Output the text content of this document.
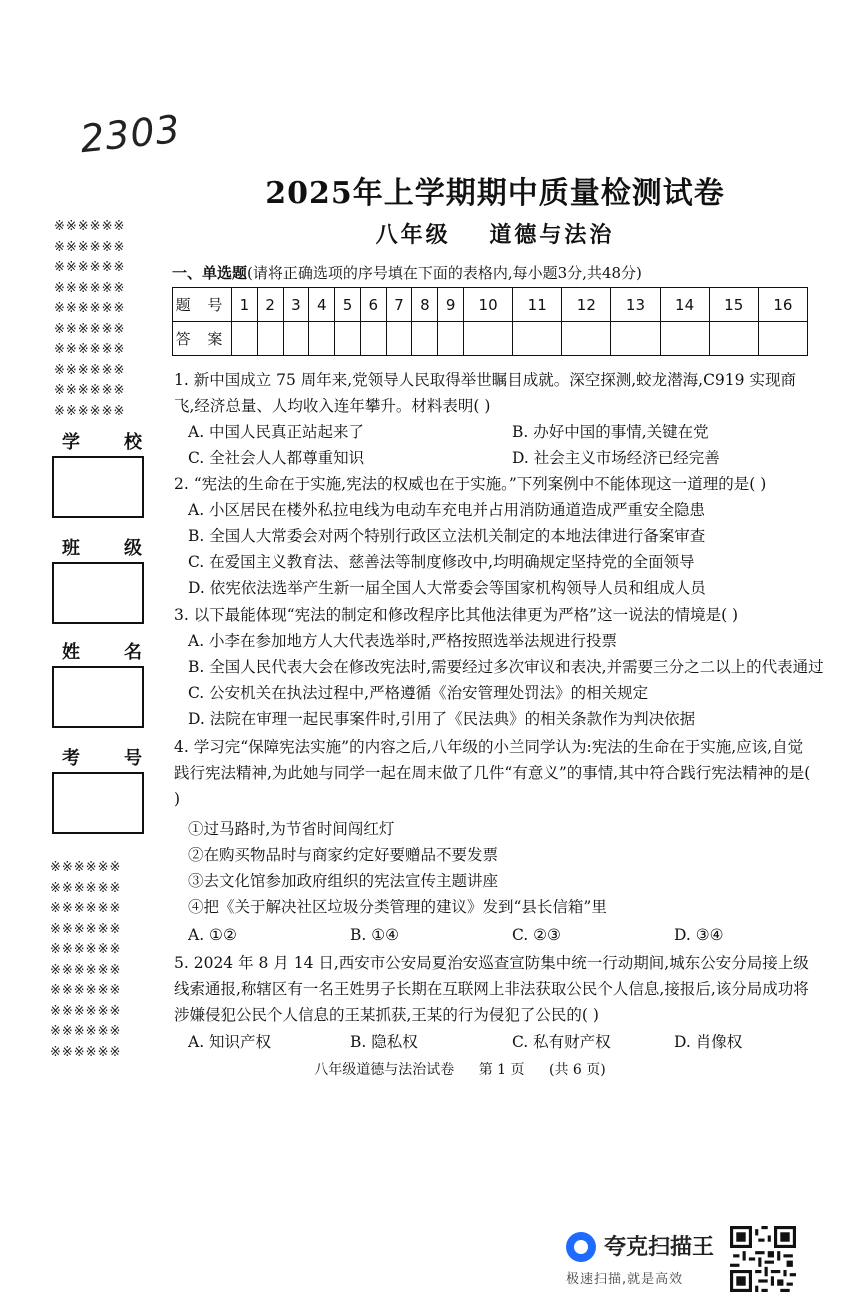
2303
2025年上学期期中质量检测试卷
八年级 道德与法治
※※※※※※
※※※※※※
※※※※※※
※※※※※※
※※※※※※
※※※※※※
※※※※※※
※※※※※※
※※※※※※
※※※※※※
※※※※※※
※※※※※※
※※※※※※
※※※※※※
※※※※※※
※※※※※※
※※※※※※
※※※※※※
※※※※※※
※※※※※※
学 校
班 级
姓 名
考 号
一、单选题(请将正确选项的序号填在下面的表格内,每小题3分,共48分)
题 号	1	2	3	4	5	6	7	8	9	10	11	12	13	14	15	16
答 案																
1. 新中国成立 75 周年来,党领导人民取得举世瞩目成就。深空探测,蛟龙潜海,C919 实现商飞,经济总量、人均收入连年攀升。材料表明( )
A. 中国人民真正站起来了	B. 办好中国的事情,关键在党
C. 全社会人人都尊重知识	D. 社会主义市场经济已经完善
2. “宪法的生命在于实施,宪法的权威也在于实施。”下列案例中不能体现这一道理的是( )
A. 小区居民在楼外私拉电线为电动车充电并占用消防通道造成严重安全隐患
B. 全国人大常委会对两个特别行政区立法机关制定的本地法律进行备案审查
C. 在爱国主义教育法、慈善法等制度修改中,均明确规定坚持党的全面领导
D. 依宪依法选举产生新一届全国人大常委会等国家机构领导人员和组成人员
3. 以下最能体现“宪法的制定和修改程序比其他法律更为严格”这一说法的情境是( )
A. 小李在参加地方人大代表选举时,严格按照选举法规进行投票
B. 全国人民代表大会在修改宪法时,需要经过多次审议和表决,并需要三分之二以上的代表通过
C. 公安机关在执法过程中,严格遵循《治安管理处罚法》的相关规定
D. 法院在审理一起民事案件时,引用了《民法典》的相关条款作为判决依据
4. 学习完“保障宪法实施”的内容之后,八年级的小兰同学认为:宪法的生命在于实施,应该,自觉践行宪法精神,为此她与同学一起在周末做了几件“有意义”的事情,其中符合践行宪法精神的是( )
①过马路时,为节省时间闯红灯
②在购买物品时与商家约定好要赠品不要发票
③去文化馆参加政府组织的宪法宣传主题讲座
④把《关于解决社区垃圾分类管理的建议》发到“县长信箱”里
A. ①②	B. ①④	C. ②③	D. ③④
5. 2024 年 8 月 14 日,西安市公安局夏治安巡查宣防集中统一行动期间,城东公安分局接上级线索通报,称辖区有一名王姓男子长期在互联网上非法获取公民个人信息,接报后,该分局成功将涉嫌侵犯公民个人信息的王某抓获,王某的行为侵犯了公民的( )
A. 知识产权	B. 隐私权	C. 私有财产权	D. 肖像权
八年级道德与法治试卷 第 1 页 (共 6 页)
夸克扫描王
极速扫描,就是高效
